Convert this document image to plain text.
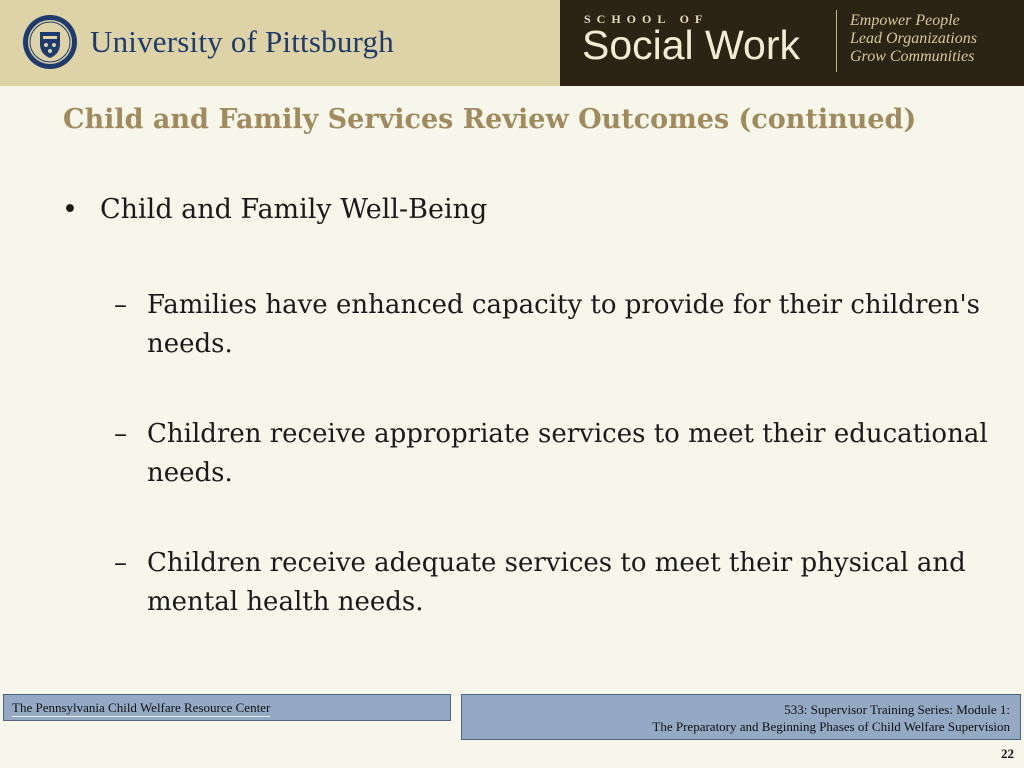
University of Pittsburgh
SCHOOL OF
Social Work
Empower People
Lead Organizations
Grow Communities
Child and Family Services Review Outcomes (continued)
• Child and Family Well-Being
– Families have enhanced capacity to provide for their children's needs.
– Children receive appropriate services to meet their educational needs.
– Children receive adequate services to meet their physical and mental health needs.
The Pennsylvania Child Welfare Resource Center	533: Supervisor Training Series: Module 1:
The Preparatory and Beginning Phases of Child Welfare Supervision
22
